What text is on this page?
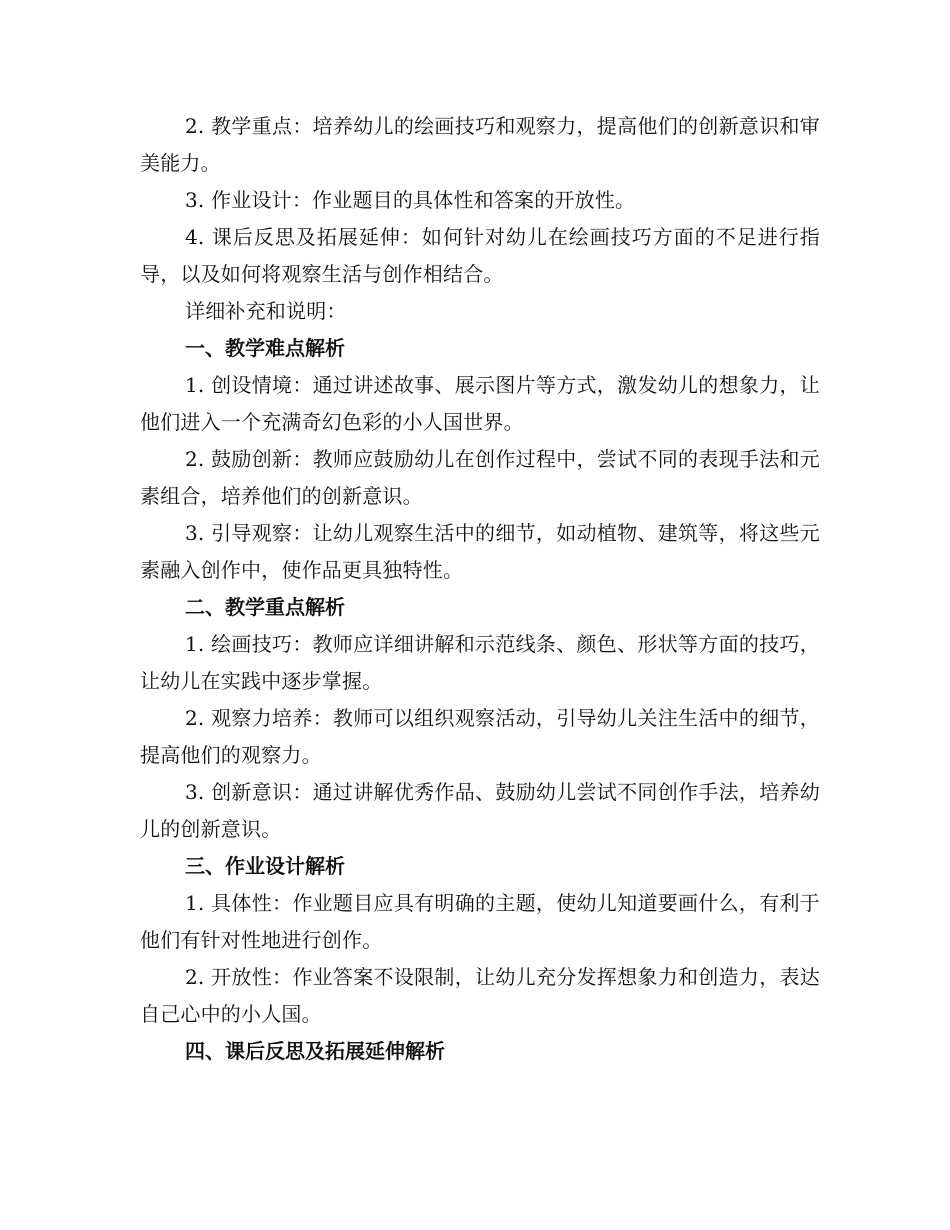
2. 教学重点：培养幼儿的绘画技巧和观察力，提高他们的创新意识和审美能力。

3. 作业设计：作业题目的具体性和答案的开放性。

4. 课后反思及拓展延伸：如何针对幼儿在绘画技巧方面的不足进行指导，以及如何将观察生活与创作相结合。

详细补充和说明：

一、教学难点解析

1. 创设情境：通过讲述故事、展示图片等方式，激发幼儿的想象力，让他们进入一个充满奇幻色彩的小人国世界。

2. 鼓励创新：教师应鼓励幼儿在创作过程中，尝试不同的表现手法和元素组合，培养他们的创新意识。

3. 引导观察：让幼儿观察生活中的细节，如动植物、建筑等，将这些元素融入创作中，使作品更具独特性。

二、教学重点解析

1. 绘画技巧：教师应详细讲解和示范线条、颜色、形状等方面的技巧，让幼儿在实践中逐步掌握。

2. 观察力培养：教师可以组织观察活动，引导幼儿关注生活中的细节，提高他们的观察力。

3. 创新意识：通过讲解优秀作品、鼓励幼儿尝试不同创作手法，培养幼儿的创新意识。

三、作业设计解析

1. 具体性：作业题目应具有明确的主题，使幼儿知道要画什么，有利于他们有针对性地进行创作。

2. 开放性：作业答案不设限制，让幼儿充分发挥想象力和创造力，表达自己心中的小人国。

四、课后反思及拓展延伸解析
